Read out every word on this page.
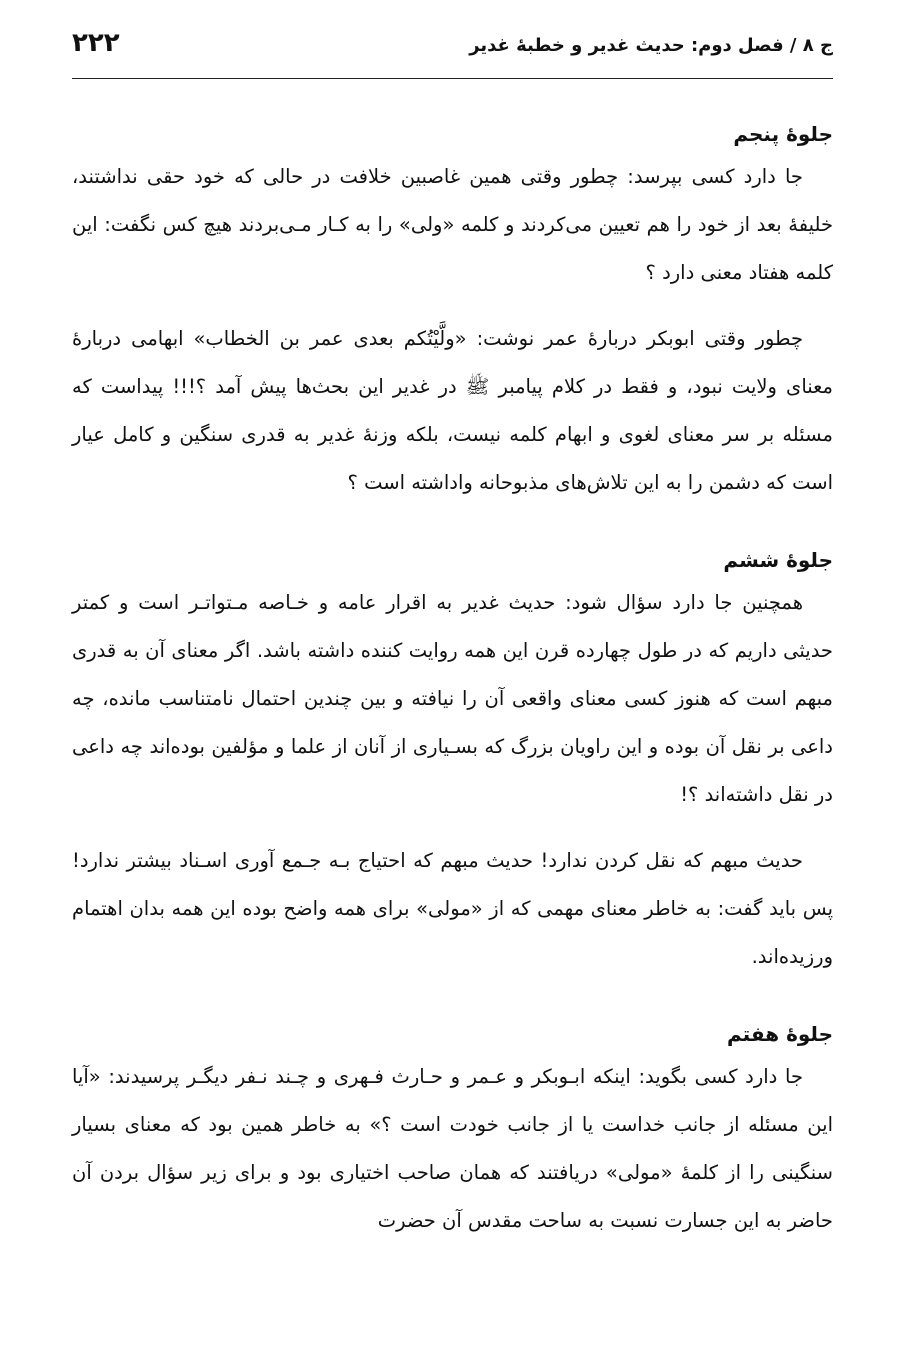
ج ۸ / فصل دوم: حدیث غدیر و خطبهٔ غدیر
۲۲۲
جلوهٔ پنجم

جا دارد کسی بپرسد: چطور وقتی همین غاصبین خلافت در حالی که خود حقی نداشتند، خلیفهٔ بعد از خود را هم تعیین می‌کردند و کلمه «ولی» را به کـار مـی‌بردند هیچ کس نگفت: این کلمه هفتاد معنی دارد ؟

چطور وقتی ابوبکر دربارهٔ عمر نوشت: «ولَّیْتُکم بعدی عمر بن الخطاب» ابهامی دربارهٔ معنای ولایت نبود، و فقط در کلام پیامبر ﷺ در غدیر این بحث‌ها پیش آمد ؟!!! پیداست که مسئله بر سر معنای لغوی و ابهام کلمه نیست، بلکه وزنهٔ غدیر به قدری سنگین و کامل عیار است که دشمن را به این تلاش‌های مذبوحانه واداشته است ؟

جلوهٔ ششم

همچنین جا دارد سؤال شود: حدیث غدیر به اقرار عامه و خـاصه مـتواتـر است و کمتر حدیثی داریم که در طول چهارده قرن این همه روایت کننده داشته باشد. اگر معنای آن به قدری مبهم است که هنوز کسی معنای واقعی آن را نیافته و بین چندین احتمال نامتناسب مانده، چه داعی بر نقل آن بوده و این راویان بزرگ که بسـیاری از آنان از علما و مؤلفین بوده‌اند چه داعی در نقل داشته‌اند ؟!

حدیث مبهم که نقل کردن ندارد! حدیث مبهم که احتیاج بـه جـمع آوری اسـناد بیشتر ندارد! پس باید گفت: به خاطر معنای مهمی که از «مولی» برای همه واضح بوده این همه بدان اهتمام ورزیده‌اند.

جلوهٔ هفتم

جا دارد کسی بگوید: اینکه ابـوبکر و عـمر و حـارث فـهری و چـند نـفر دیگـر پرسیدند: «آیا این مسئله از جانب خداست یا از جانب خودت است ؟» به خاطر همین بود که معنای بسیار سنگینی را از کلمهٔ «مولی» دریافتند که همان صاحب اختیاری بود و برای زیر سؤال بردن آن حاضر به این جسارت نسبت به ساحت مقدس آن حضرت
